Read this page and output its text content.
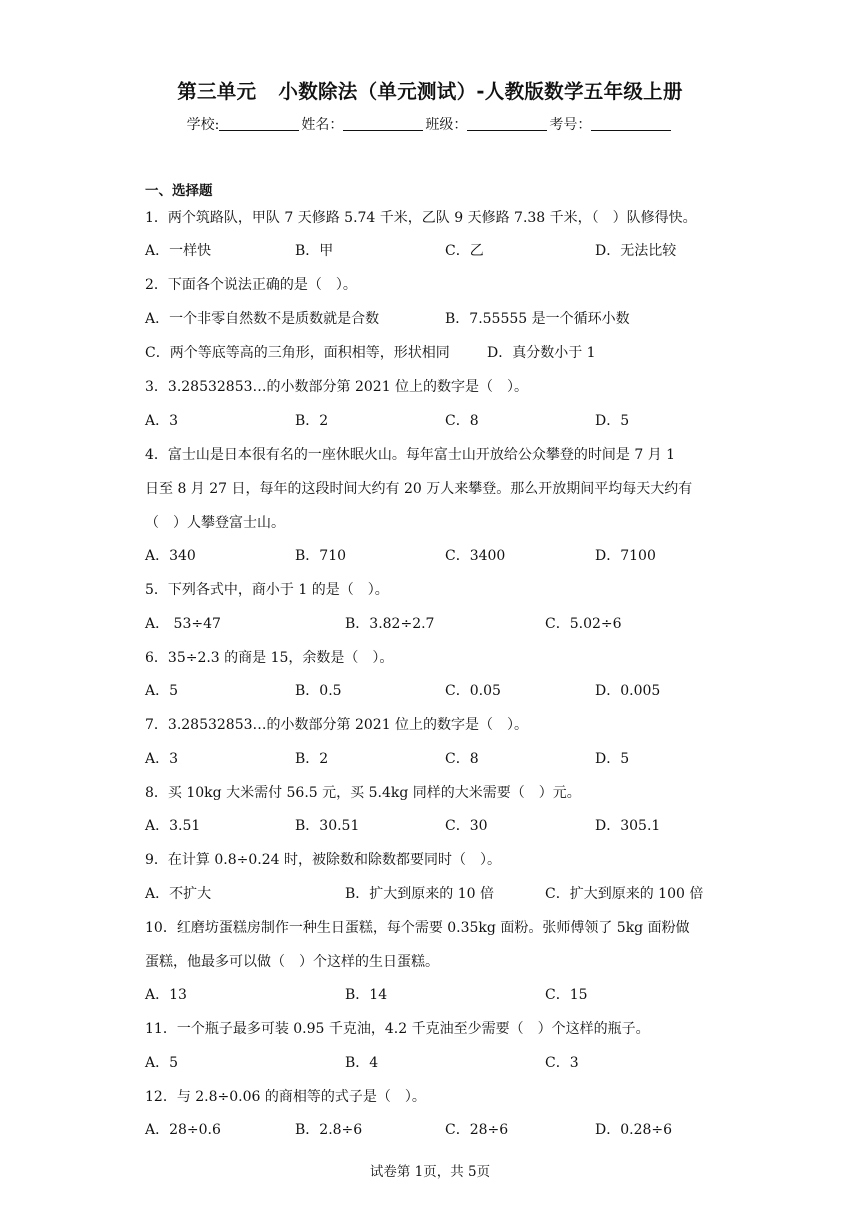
第三单元 小数除法（单元测试）-人教版数学五年级上册
学校:	姓名：	班级：	考号：
一、选择题
1．两个筑路队，甲队 7 天修路 5.74 千米，乙队 9 天修路 7.38 千米，（　）队修得快。
A．一样快	B．甲	C．乙	D．无法比较
2．下面各个说法正确的是（　）。
A．一个非零自然数不是质数就是合数	B．7.55555 是一个循环小数
C．两个等底等高的三角形，面积相等，形状相同	D．真分数小于 1
3．3.28532853…的小数部分第 2021 位上的数字是（　）。
A．3	B．2	C．8	D．5
4．富士山是日本很有名的一座休眠火山。每年富士山开放给公众攀登的时间是 7 月 1
日至 8 月 27 日，每年的这段时间大约有 20 万人来攀登。那么开放期间平均每天大约有
（　）人攀登富士山。
A．340	B．710	C．3400	D．7100
5．下列各式中，商小于 1 的是（　）。
A． 53÷47	B．3.82÷2.7	C．5.02÷6
6．35÷2.3 的商是 15，余数是（　）。
A．5	B．0.5	C．0.05	D．0.005
7．3.28532853…的小数部分第 2021 位上的数字是（　）。
A．3	B．2	C．8	D．5
8．买 10kg 大米需付 56.5 元，买 5.4kg 同样的大米需要（　）元。
A．3.51	B．30.51	C．30	D．305.1
9．在计算 0.8÷0.24 时，被除数和除数都要同时（　）。
A．不扩大	B．扩大到原来的 10 倍	C．扩大到原来的 100 倍
10．红磨坊蛋糕房制作一种生日蛋糕，每个需要 0.35kg 面粉。张师傅领了 5kg 面粉做
蛋糕，他最多可以做（　）个这样的生日蛋糕。
A．13	B．14	C．15
11．一个瓶子最多可装 0.95 千克油，4.2 千克油至少需要（　）个这样的瓶子。
A．5	B．4	C．3
12．与 2.8÷0.06 的商相等的式子是（　）。
A．28÷0.6	B．2.8÷6	C．28÷6	D．0.28÷6
试卷第 1页，共 5页
